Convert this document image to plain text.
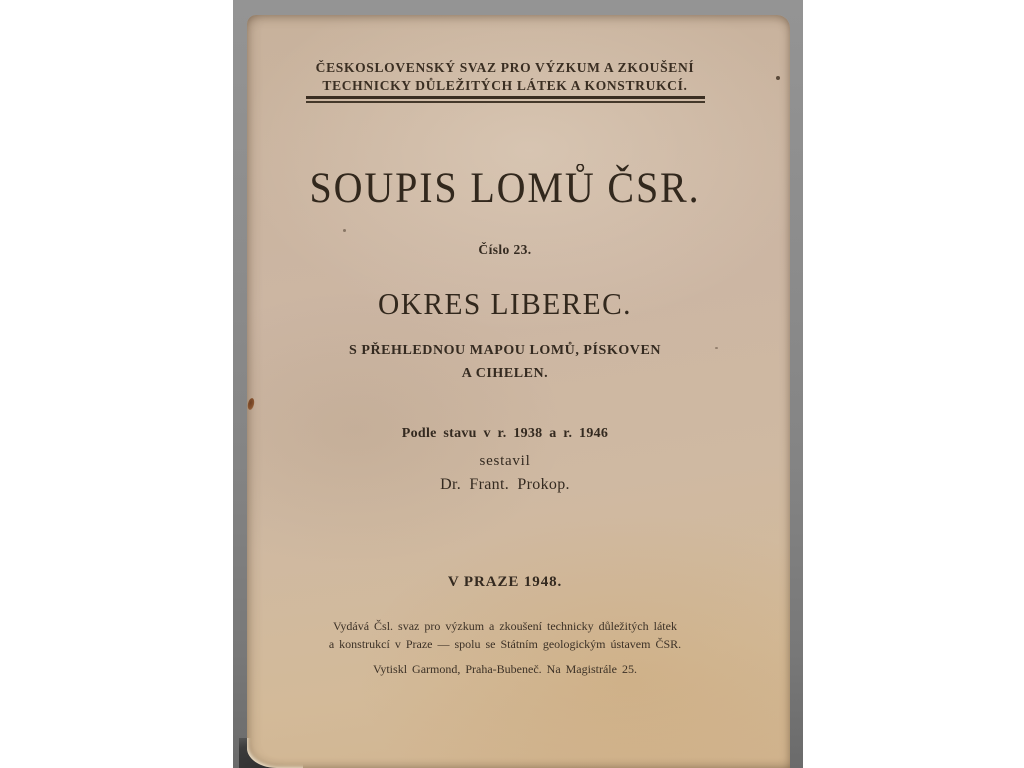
ČESKOSLOVENSKÝ SVAZ PRO VÝZKUM A ZKOUŠENÍ
TECHNICKY DŮLEŽITÝCH LÁTEK A KONSTRUKCÍ.
SOUPIS LOMŮ ČSR.
Číslo 23.
OKRES LIBEREC.
S PŘEHLEDNOU MAPOU LOMŮ, PÍSKOVEN
A CIHELEN.
Podle stavu v r. 1938 a r. 1946
sestavil
Dr. Frant. Prokop.
V PRAZE 1948.
Vydává Čsl. svaz pro výzkum a zkoušení technicky důležitých látek
a konstrukcí v Praze — spolu se Státním geologickým ústavem ČSR.
Vytiskl Garmond, Praha-Bubeneč. Na Magistrále 25.
